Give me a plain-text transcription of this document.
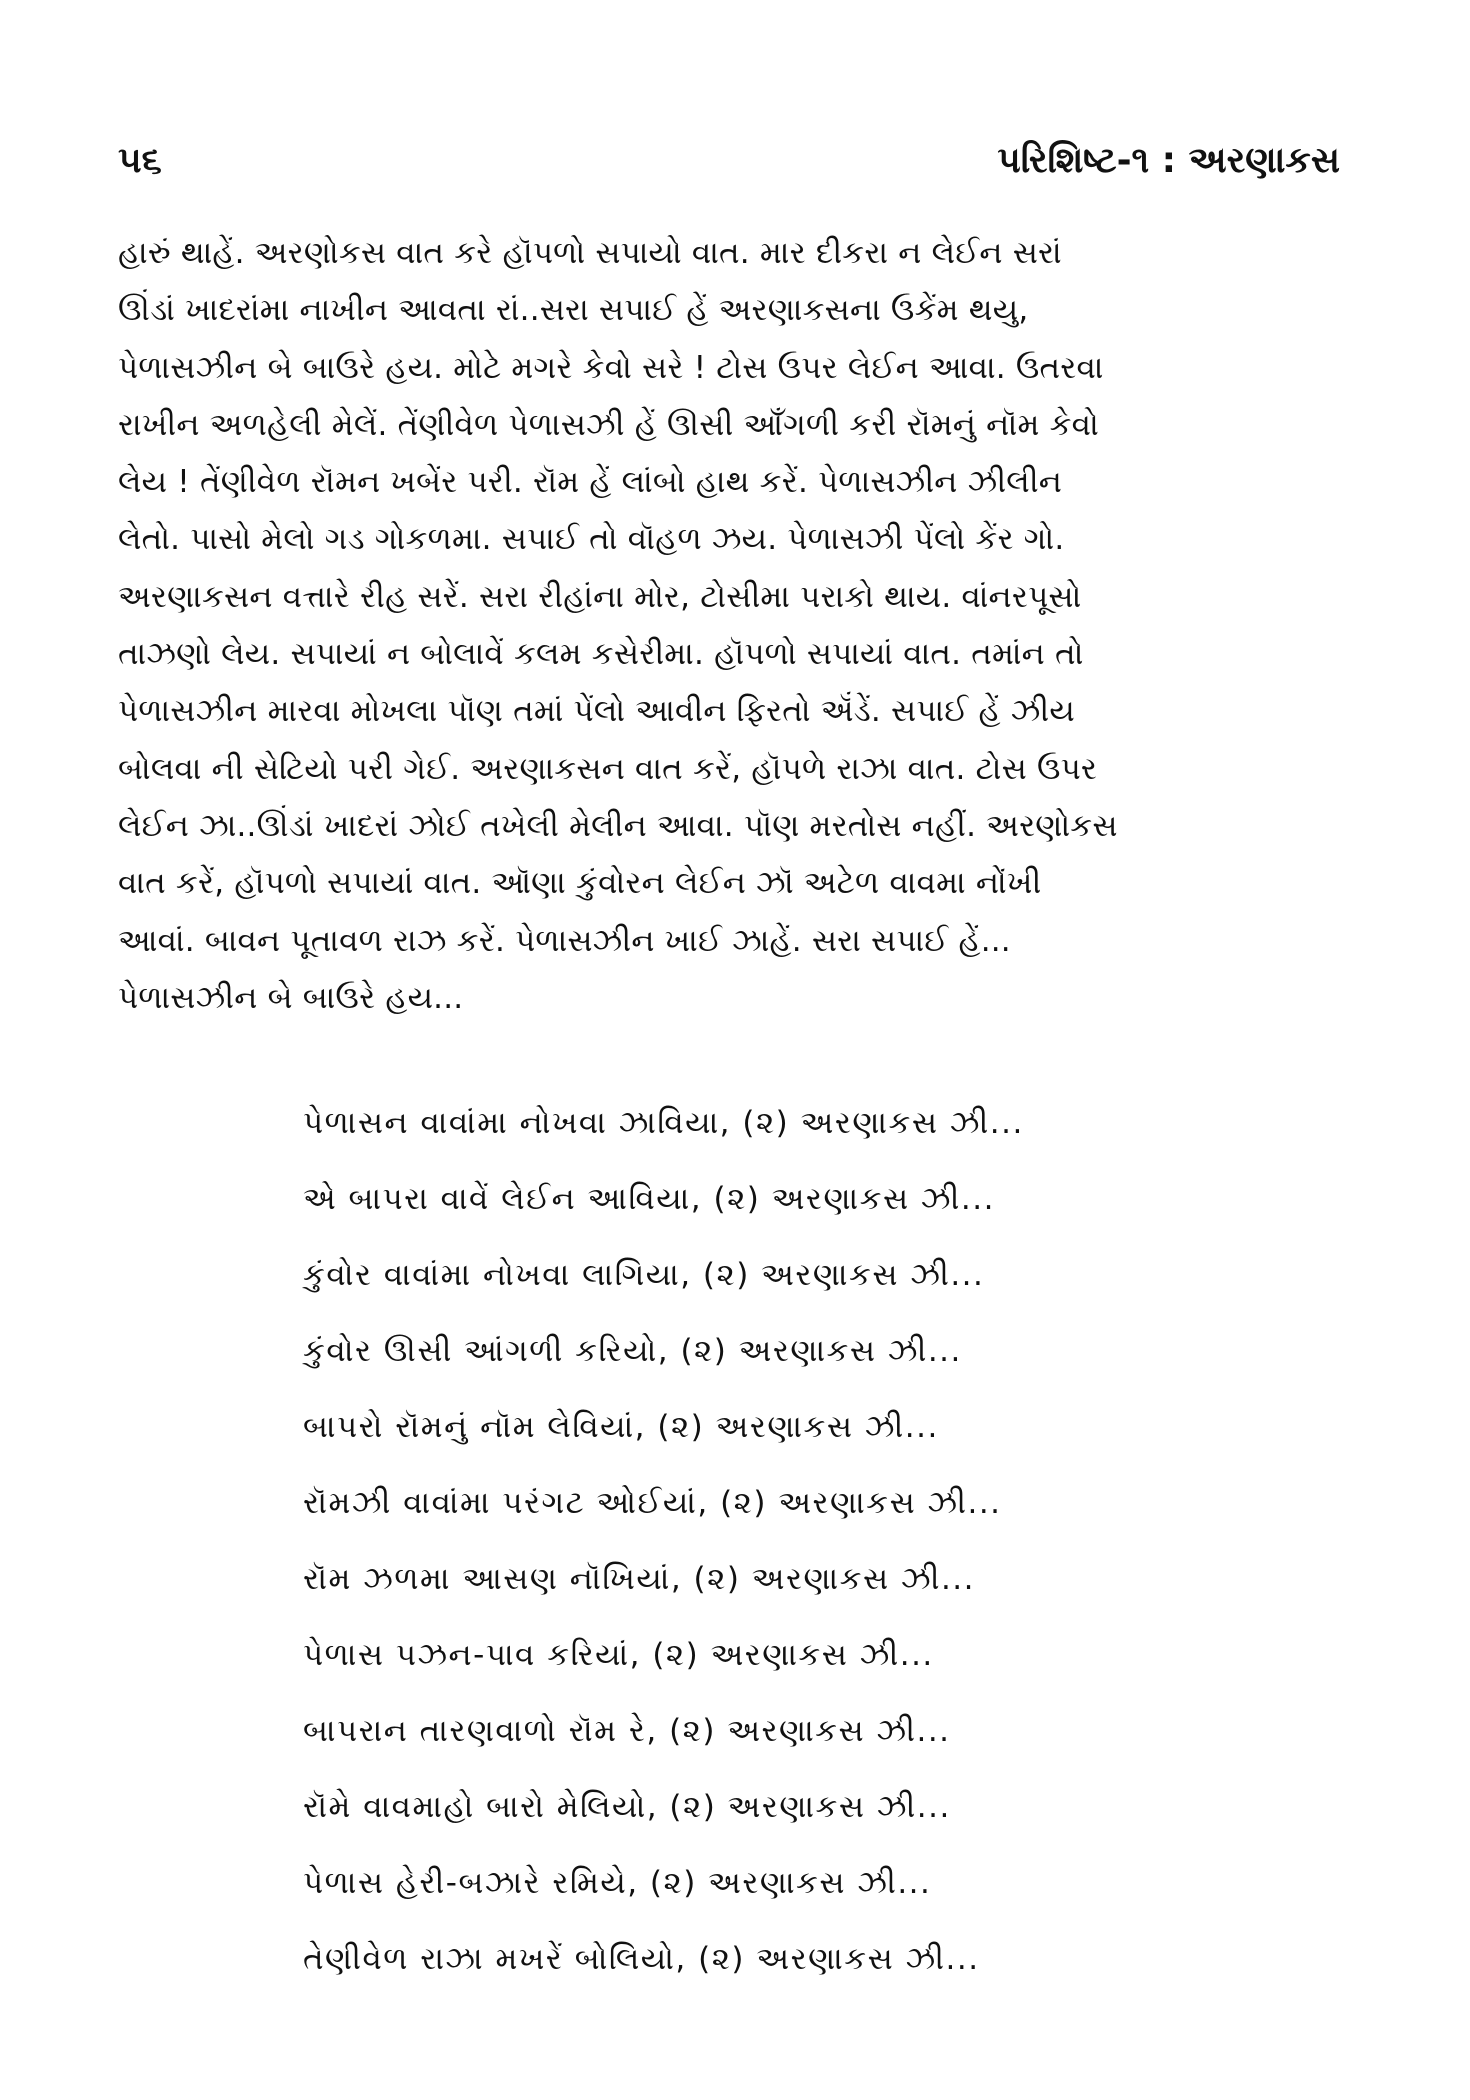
૫૬	પરિશિષ્ટ-૧ : અરણાકસ
હારું થાહેં. અરણોકસ વાત કરે હૉપળો સપાયો વાત. માર દીકરા ન લેઈન સરાં
ઊંડાં ખાદરાંમા નાખીન આવતા રાં..સરા સપાઈ હેં અરણાકસના ઉકેંમ થયુ,
પેળાસઝીન બે બાઉરે હય. મોટે મગરે કેવો સરે ! ટોસ ઉપર લેઈન આવા. ઉતરવા
રાખીન અળહેલી મેલેં. તેંણીવેળ પેળાસઝી હેં ઊસી આઁગળી કરી રૉમનું નૉમ કેવો
લેય ! તેંણીવેળ રૉમન ખબેંર પરી. રૉમ હેં લાંબો હાથ કરેં. પેળાસઝીન ઝીલીન
લેતો. પાસો મેલો ગડ ગોકળમા. સપાઈ તો વૉહળ ઝય. પેળાસઝી પેંલો કેંર ગો.
અરણાકસન વત્તારે રીહ સરેં. સરા રીહાંના મોર, ટોસીમા પરાકો થાય. વાંનરપૂસો
તાઝણો લેય. સપાયાં ન બોલાવેં કલમ કસેરીમા. હૉપળો સપાયાં વાત. તમાંન તો
પેળાસઝીન મારવા મોખલા પૉણ તમાં પેંલો આવીન ફિરતો ઍંડેં. સપાઈ હેં ઝીય
બોલવા ની સેટિયો પરી ગેઈ. અરણાકસન વાત કરેં, હૉપળે રાઝા વાત. ટોસ ઉપર
લેઈન ઝા..ઊંડાં ખાદરાં ઝોઈ તખેલી મેલીન આવા. પૉણ મરતોસ નહીં. અરણોકસ
વાત કરેં, હૉપળો સપાયાં વાત. ઑણા કુંવોરન લેઈન ઝૉ અટેળ વાવમા નોંખી
આવાં. બાવન પૂતાવળ રાઝ કરેં. પેળાસઝીન ખાઈ ઝાહેં. સરા સપાઈ હેં...
પેળાસઝીન બે બાઉરે હય...
પેળાસન વાવાંમા નોખવા ઝાવિયા, (૨) અરણાકસ ઝી...
એ બાપરા વાવેં લેઈન આવિયા, (૨) અરણાકસ ઝી...
કુંવોર વાવાંમા નોખવા લાગિયા, (૨) અરણાકસ ઝી...
કુંવોર ઊસી આંગળી કરિયો, (૨) અરણાકસ ઝી...
બાપરો રૉમનું નૉમ લેવિયાં, (૨) અરણાકસ ઝી...
રૉમઝી વાવાંમા પરંગટ ઓઈયાં, (૨) અરણાકસ ઝી...
રૉમ ઝળમા આસણ નૉખિયાં, (૨) અરણાકસ ઝી...
પેળાસ પઝન-પાવ કરિયાં, (૨) અરણાકસ ઝી...
બાપરાન તારણવાળો રૉમ રે, (૨) અરણાકસ ઝી...
રૉમે વાવમાહો બારો મેલિયો, (૨) અરણાકસ ઝી...
પેળાસ હેરી-બઝારે રમિયે, (૨) અરણાકસ ઝી...
તેણીવેળ રાઝા મખરેં બોલિયો, (૨) અરણાકસ ઝી...
